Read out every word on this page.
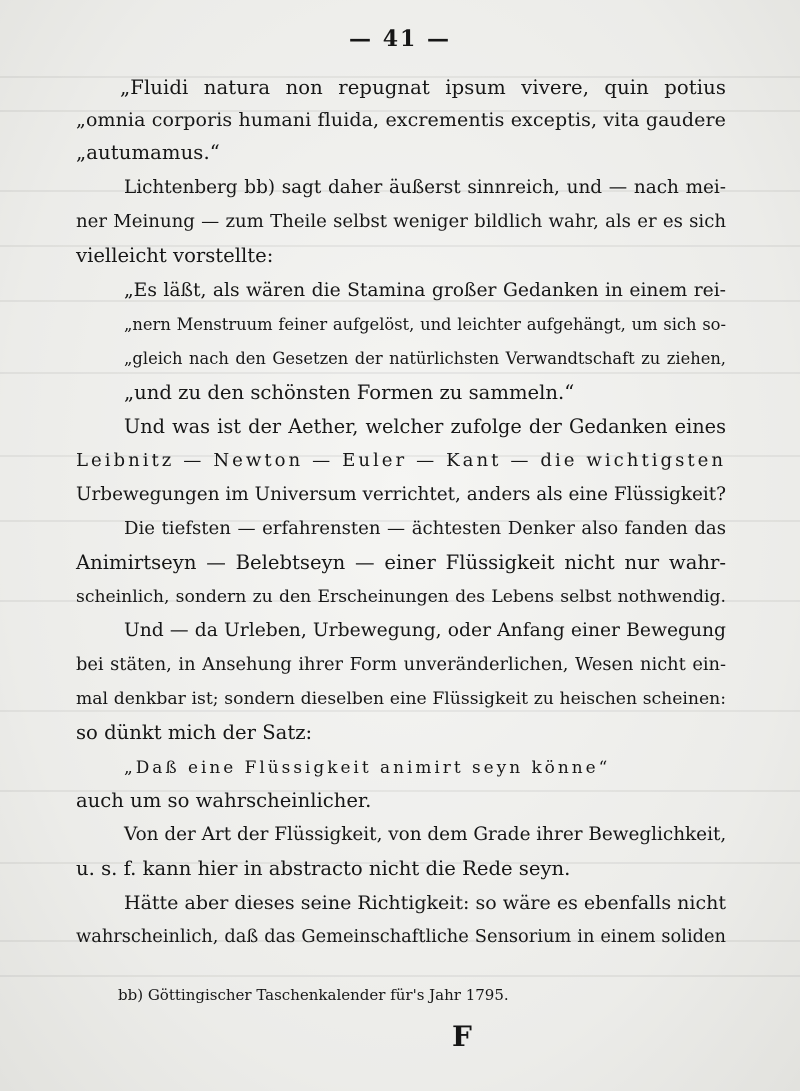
— 41 —
„Fluidi natura non repugnat ipsum vivere, quin potius
„omnia corporis humani fluida, excrementis exceptis, vita gaudere
„autumamus.“
Lichtenberg bb) sagt daher äußerst sinnreich, und — nach mei-
ner Meinung — zum Theile selbst weniger bildlich wahr, als er es sich
vielleicht vorstellte:
„Es läßt, als wären die Stamina großer Gedanken in einem rei-
„nern Menstruum feiner aufgelöst, und leichter aufgehängt, um sich so-
„gleich nach den Gesetzen der natürlichsten Verwandtschaft zu ziehen,
„und zu den schönsten Formen zu sammeln.“
Und was ist der Aether, welcher zufolge der Gedanken eines
Leibnitz — Newton — Euler — Kant — die wichtigsten
Urbewegungen im Universum verrichtet, anders als eine Flüssigkeit?
Die tiefsten — erfahrensten — ächtesten Denker also fanden das
Animirtseyn — Belebtseyn — einer Flüssigkeit nicht nur wahr-
scheinlich, sondern zu den Erscheinungen des Lebens selbst nothwendig.
Und — da Urleben, Urbewegung, oder Anfang einer Bewegung
bei stäten, in Ansehung ihrer Form unveränderlichen, Wesen nicht ein-
mal denkbar ist; sondern dieselben eine Flüssigkeit zu heischen scheinen:
so dünkt mich der Satz:
„Daß eine Flüssigkeit animirt seyn könne“
auch um so wahrscheinlicher.
Von der Art der Flüssigkeit, von dem Grade ihrer Beweglichkeit,
u. s. f. kann hier in abstracto nicht die Rede seyn.
Hätte aber dieses seine Richtigkeit: so wäre es ebenfalls nicht
wahrscheinlich, daß das Gemeinschaftliche Sensorium in einem soliden
bb) Göttingischer Taschenkalender für's Jahr 1795.
F
